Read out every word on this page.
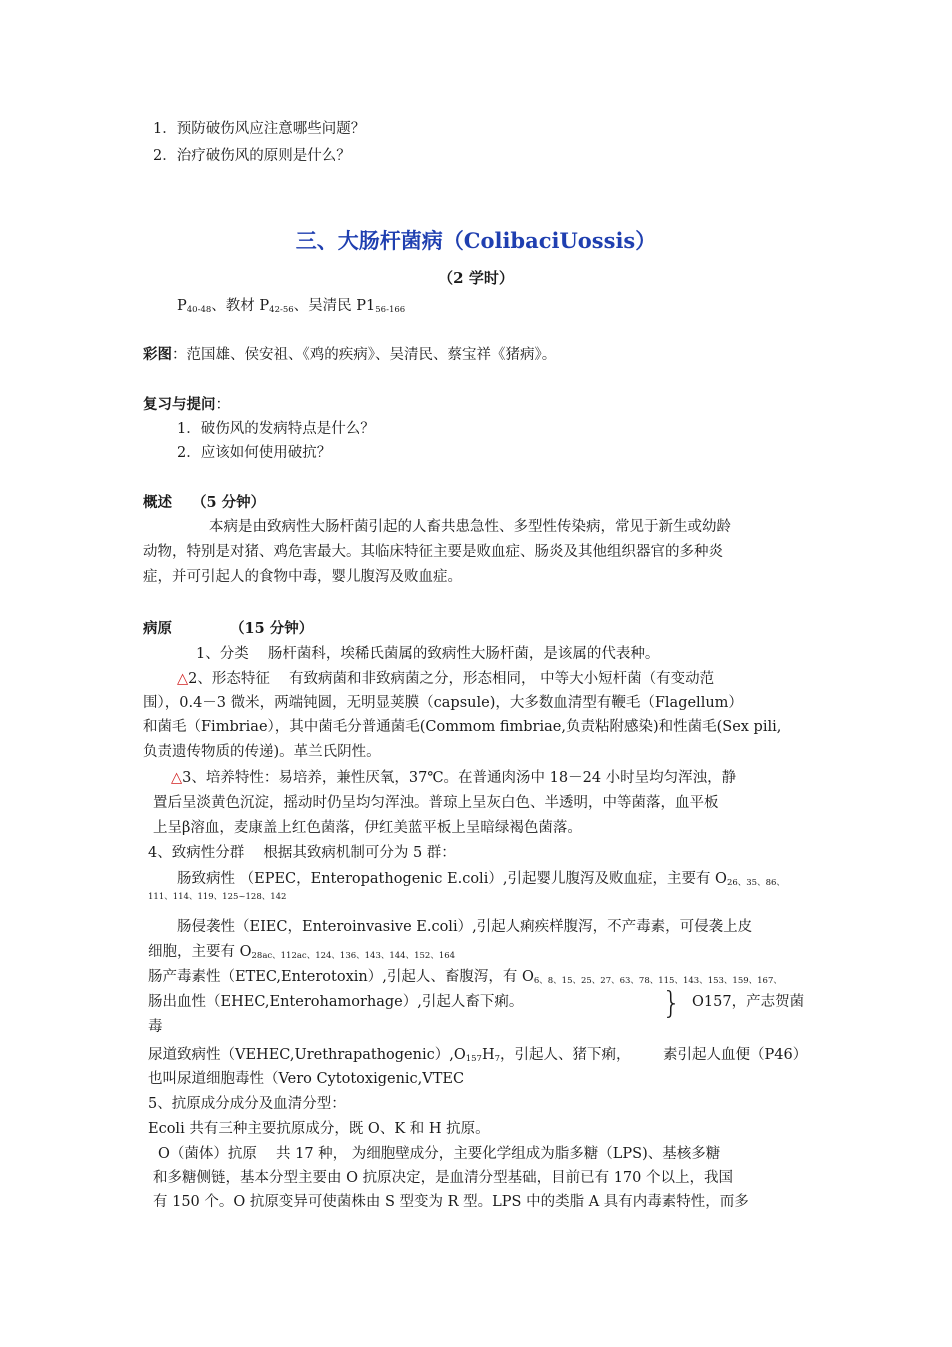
1．预防破伤风应注意哪些问题？
2．治疗破伤风的原则是什么？
三、大肠杆菌病（ColibaciUossis）
（2 学时）
$P_{40-48}$、教材 $P_{42-56}$、吴清民 $P1_{56-166}$
彩图：范国雄、侯安祖、《鸡的疾病》、吴清民、蔡宝祥《猪病》。
复习与提问：
1．破伤风的发病特点是什么？
2．应该如何使用破抗？
概述 （5 分钟）
本病是由致病性大肠杆菌引起的人畜共患急性、多型性传染病，常见于新生或幼龄
动物，特别是对猪、鸡危害最大。其临床特征主要是败血症、肠炎及其他组织器官的多种炎
症，并可引起人的食物中毒，婴儿腹泻及败血症。
病原	（15 分钟）
1、分类　 肠杆菌科，埃稀氏菌属的致病性大肠杆菌，是该属的代表种。
△2、形态特征　 有致病菌和非致病菌之分，形态相同， 中等大小短杆菌（有变动范
围），0.4－3 微米，两端钝圆，无明显荚膜（capsule)，大多数血清型有鞭毛（Flagellum）
和菌毛（Fimbriae），其中菌毛分普通菌毛(Commom fimbriae,负责粘附感染)和性菌毛(Sex pili,
负责遗传物质的传递)。革兰氏阴性。
△3、培养特性：易培养，兼性厌氧，37℃。在普通肉汤中 18－24 小时呈均匀浑浊，静
置后呈淡黄色沉淀，摇动时仍呈均匀浑浊。普琼上呈灰白色、半透明，中等菌落，血平板
上呈β溶血，麦康盖上红色菌落，伊红美蓝平板上呈暗绿褐色菌落。
4、致病性分群　 根据其致病机制可分为 5 群：
肠致病性 （EPEC，Enteropathogenic E.coli）,引起婴儿腹泻及败血症，主要有 $O_{26、35、86、}$
111、114、119、125~128、142
肠侵袭性（EIEC，Enteroinvasive E.coli）,引起人痢疾样腹泻，不产毒素，可侵袭上皮
细胞，主要有 $O_{28ac、112ac、124、136、143、144、152、164}$
肠产毒素性（ETEC,Enterotoxin）,引起人、畜腹泻，有 $O_{6、8、15、25、27、63、78、115、143、153、159、167、}$
肠出血性（EHEC,Enterohamorhage）,引起人畜下痢。	} O157，产志贺菌
毒
尿道致病性$(VEHEC,Urethrapathogenic),O_{157}H_7$，引起人、猪下痢， 素引起人血便（P46）
也叫尿道细胞毒性（Vero Cytotoxigenic,VTEC
5、抗原成分成分及血清分型：
Ecoli 共有三种主要抗原成分，既 O、K 和 H 抗原。
O（菌体）抗原　 共 17 种， 为细胞壁成分，主要化学组成为脂多糖（LPS)、基核多糖
和多糖侧链，基本分型主要由 O 抗原决定，是血清分型基础，目前已有 170 个以上，我国
有 150 个。O 抗原变异可使菌株由 S 型变为 R 型。LPS 中的类脂 A 具有内毒素特性，而多
